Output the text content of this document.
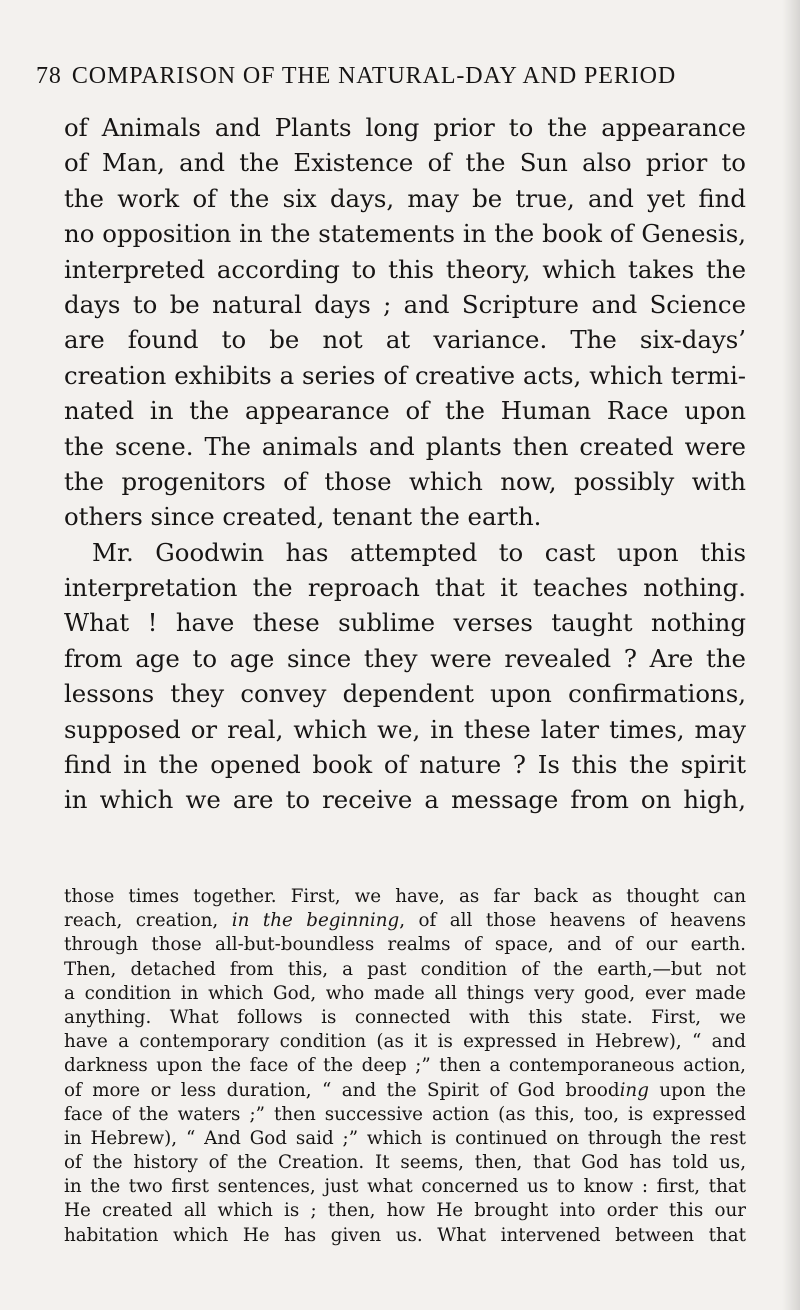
78 COMPARISON OF THE NATURAL-DAY AND PERIOD
of Animals and Plants long prior to the appearance
of Man, and the Existence of the Sun also prior to
the work of the six days, may be true, and yet find
no opposition in the statements in the book of Genesis,
interpreted according to this theory, which takes the
days to be natural days ; and Scripture and Science
are found to be not at variance. The six-days’
creation exhibits a series of creative acts, which termi-
nated in the appearance of the Human Race upon
the scene. The animals and plants then created were
the progenitors of those which now, possibly with
others since created, tenant the earth.
Mr. Goodwin has attempted to cast upon this
interpretation the reproach that it teaches nothing.
What ! have these sublime verses taught nothing
from age to age since they were revealed ? Are the
lessons they convey dependent upon confirmations,
supposed or real, which we, in these later times, may
find in the opened book of nature ? Is this the spirit
in which we are to receive a message from on high,
those times together. First, we have, as far back as thought can
reach, creation, in the beginning, of all those heavens of heavens
through those all-but-boundless realms of space, and of our earth.
Then, detached from this, a past condition of the earth,—but not
a condition in which God, who made all things very good, ever made
anything. What follows is connected with this state. First, we
have a contemporary condition (as it is expressed in Hebrew), “ and
darkness upon the face of the deep ;” then a contemporaneous action,
of more or less duration, “ and the Spirit of God brooding upon the
face of the waters ;” then successive action (as this, too, is expressed
in Hebrew), “ And God said ;” which is continued on through the rest
of the history of the Creation. It seems, then, that God has told us,
in the two first sentences, just what concerned us to know : first, that
He created all which is ; then, how He brought into order this our
habitation which He has given us. What intervened between that
